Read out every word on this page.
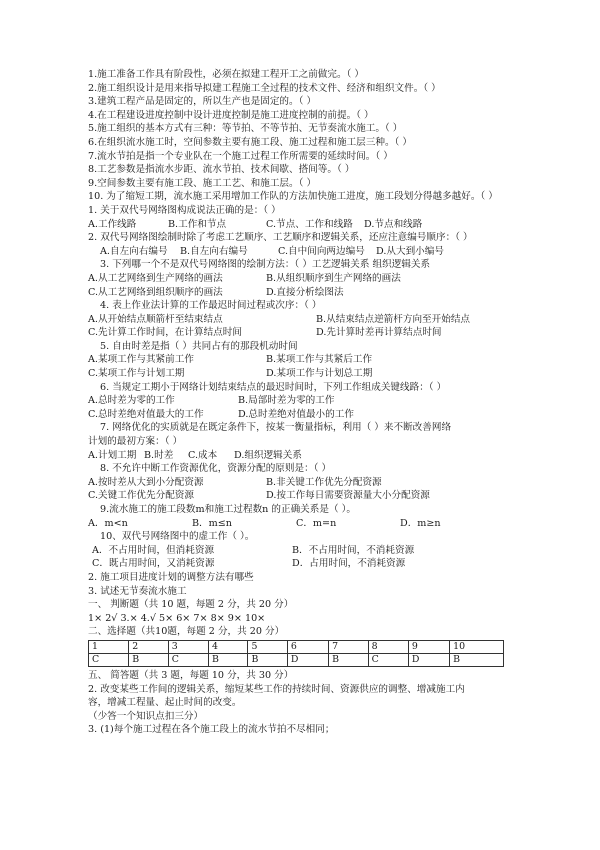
1.施工准备工作具有阶段性，必须在拟建工程开工之前做完。（ ）
2.施工组织设计是用来指导拟建工程施工全过程的技术文件、经济和组织文件。（ ）
3.建筑工程产品是固定的，所以生产也是固定的。（ ）
4.在工程建设进度控制中设计进度控制是施工进度控制的前提。（ ）
5.施工组织的基本方式有三种：等节拍、不等节拍、无节奏流水施工。（ ）
6.在组织流水施工时，空间参数主要有施工段、施工过程和施工层三种。（ ）
7.流水节拍是指一个专业队在一个施工过程工作所需要的延续时间。（ ）
8.工艺参数是指流水步距、流水节拍、技术间歇、搭间等。（ ）
9.空间参数主要有施工段、施工工艺、和施工层。（ ）
10. 为了缩短工期，流水施工采用增加工作队的方法加快施工进度，施工段划分得越多越好。（ ）
1. 关于双代号网络图构成说法正确的是：（ ）
A.工作线路	B.工作和节点	C.节点、工作和线路 D.节点和线路
2. 双代号网络图绘制时除了考虑工艺顺序、工艺顺序和逻辑关系，还应注意编号顺序：（ ）
A.自左向右编号 B.自左向右编号	C.自中间向两边编号 D.从大到小编号
3. 下列哪一个不是双代号网络图的绘制方法：（ ）工艺逻辑关系 组织逻辑关系
A.从工艺网络到生产网络的画法	B.从组织顺序到生产网络的画法
C.从工艺网络到组织顺序的画法	D.直接分析绘图法
4. 表上作业法计算的工作最迟时间过程或次序：（ ）
A.从开始结点顺箭杆至结束结点	B.从结束结点逆箭杆方向至开始结点
C.先计算工作时间，在计算结点时间	D.先计算时差再计算结点时间
5. 自由时差是指（ ）共同占有的那段机动时间
A.某项工作与其紧前工作	B.某项工作与其紧后工作
C.某项工作与计划工期	D.某项工作与计划总工期
6. 当规定工期小于网络计划结束结点的最迟时间时，下列工作组成关键线路：（ ）
A.总时差为零的工作	B.局部时差为零的工作
C.总时差绝对值最大的工作	D.总时差绝对值最小的工作
7. 网络优化的实质就是在既定条件下，按某一衡量指标，利用（ ）来不断改善网络
计划的最初方案：（ ）
A.计划工期 B.时差	C.成本	D.组织逻辑关系
8. 不允许中断工作资源优化，资源分配的原则是：（ ）
A.按时差从大到小分配资源	B.非关键工作优先分配资源
C.关键工作优先分配资源	D.按工作每日需要资源量大小分配资源
9.流水施工的施工段数m和施工过程数n 的正确关系是（ ）。
A．m<n	B．m≤n	C．m=n	D．m≥n
10、双代号网络图中的虚工作（ ）。
A．不占用时间，但消耗资源	B．不占用时间，不消耗资源
C．既占用时间，又消耗资源	D．占用时间，不消耗资源
2. 施工项目进度计划的调整方法有哪些
3. 试述无节奏流水施工
一、 判断题（共 10 题，每题 2 分，共 20 分）
1× 2√ 3.× 4.√ 5× 6× 7× 8× 9× 10×
二、选择题（共10题，每题 2 分，共 20 分）
1	2	3	4	5	6	7	8	9	10
C	B	C	B	B	D	B	C	D	B
五、 简答题（共 3 题，每题 10 分，共 30 分）
2. 改变某些工作间的逻辑关系，缩短某些工作的持续时间、资源供应的调整、增减施工内
容，增减工程量、起止时间的改变。
（少答一个知识点扣三分）
3. (1)每个施工过程在各个施工段上的流水节拍不尽相同；
